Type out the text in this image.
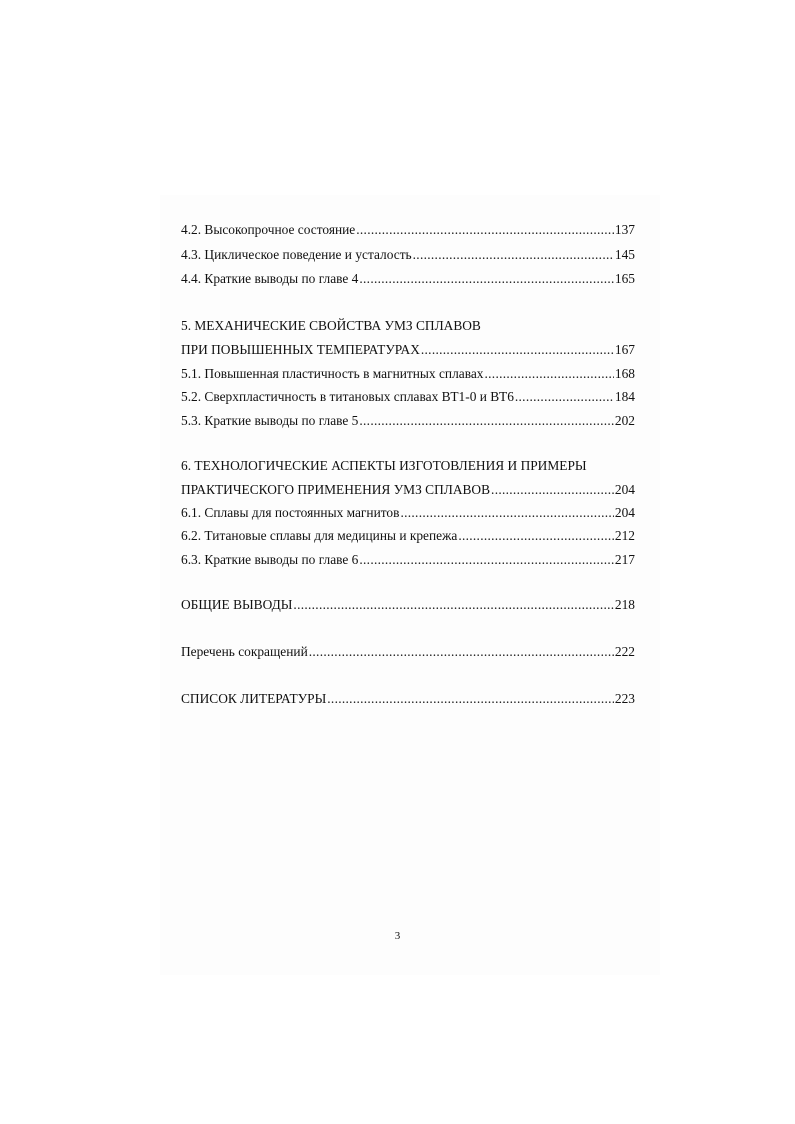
4.2. Высокопрочное состояние .....	137
4.3. Циклическое поведение и усталость .....	145
4.4. Краткие выводы по главе 4 .....	165
5. МЕХАНИЧЕСКИЕ СВОЙСТВА УМЗ СПЛАВОВ
ПРИ ПОВЫШЕННЫХ ТЕМПЕРАТУРАХ .....	167
5.1. Повышенная пластичность в магнитных сплавах .....	168
5.2. Сверхпластичность в титановых сплавах ВТ1-0 и ВТ6 .....	184
5.3. Краткие выводы по главе 5 .....	202
6. ТЕХНОЛОГИЧЕСКИЕ АСПЕКТЫ ИЗГОТОВЛЕНИЯ И ПРИМЕРЫ
ПРАКТИЧЕСКОГО ПРИМЕНЕНИЯ УМЗ СПЛАВОВ .....	204
6.1. Сплавы для постоянных магнитов .....	204
6.2. Титановые сплавы для медицины и крепежа .....	212
6.3. Краткие выводы по главе 6 .....	217
ОБЩИЕ ВЫВОДЫ .....	218
Перечень сокращений .....	222
СПИСОК ЛИТЕРАТУРЫ .....	223
3
